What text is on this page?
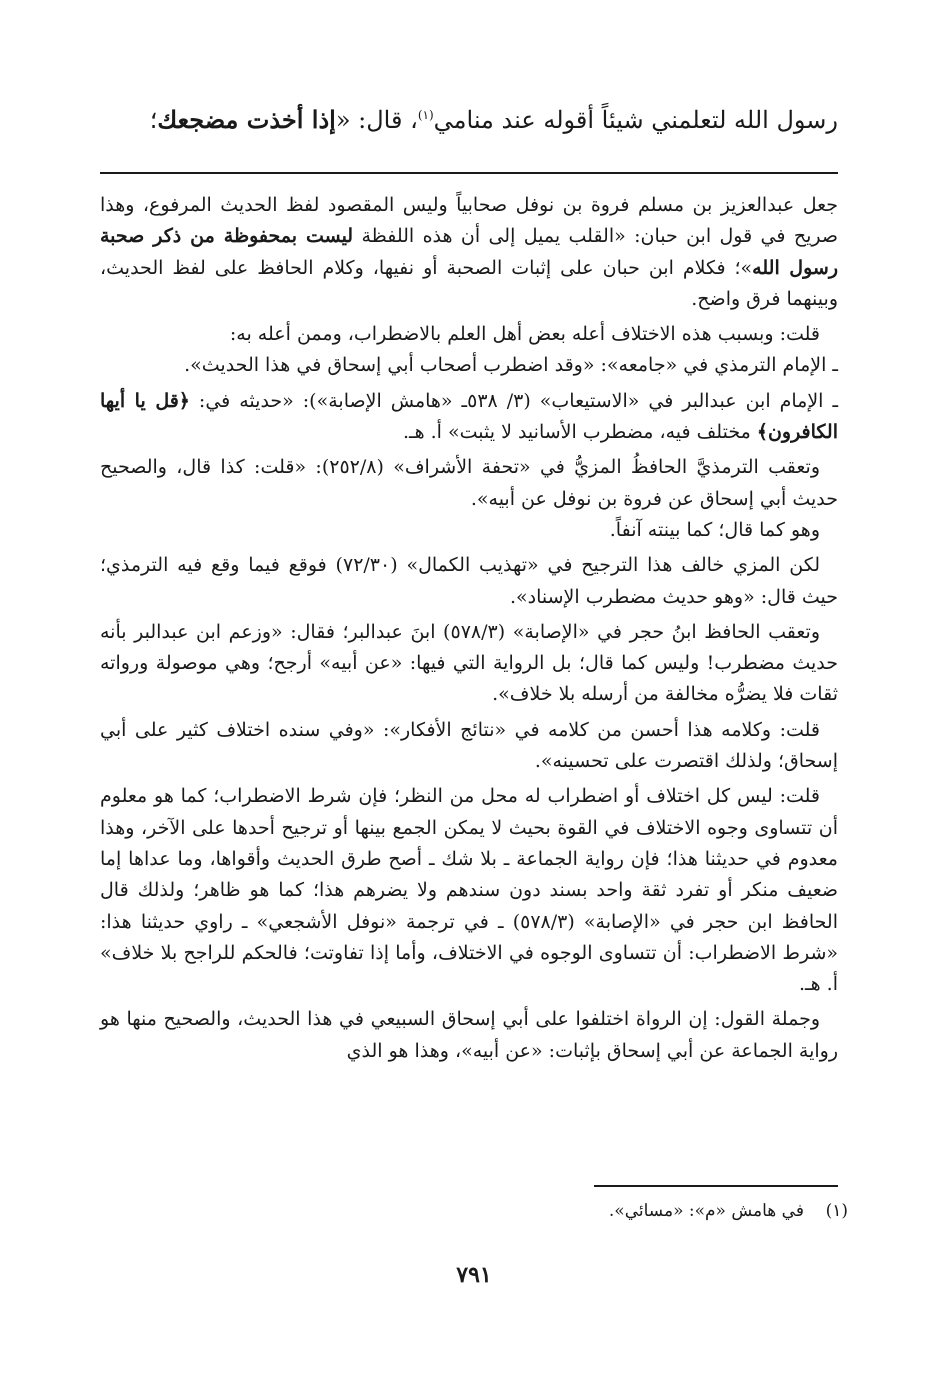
رسول الله لتعلمني شيئاً أقوله عند منامي$^{(١)}$، قال: «إذا أخذت مضجعك؛

جعل عبدالعزيز بن مسلم فروة بن نوفل صحابياً وليس المقصود لفظ الحديث المرفوع، وهذا صريح في قول ابن حبان: «القلب يميل إلى أن هذه اللفظة ليست بمحفوظة من ذكر صحبة رسول الله»؛ فكلام ابن حبان على إثبات الصحبة أو نفيها، وكلام الحافظ على لفظ الحديث، وبينهما فرق واضح.

قلت: وبسبب هذه الاختلاف أعله بعض أهل العلم بالاضطراب، وممن أعله به:

ـ الإمام الترمذي في «جامعه»: «وقد اضطرب أصحاب أبي إسحاق في هذا الحديث».

ـ الإمام ابن عبدالبر في «الاستيعاب» (٣/ ٥٣٨ـ «هامش الإصابة»): «حديثه في: ﴿قل يا أيها الكافرون﴾ مختلف فيه، مضطرب الأسانيد لا يثبت» أ. هـ.

وتعقب الترمذيَّ الحافظُ المزيُّ في «تحفة الأشراف» (٢٥٢/٨): «قلت: كذا قال، والصحيح حديث أبي إسحاق عن فروة بن نوفل عن أبيه».

وهو كما قال؛ كما بينته آنفاً.

لكن المزي خالف هذا الترجيح في «تهذيب الكمال» (٧٢/٣٠) فوقع فيما وقع فيه الترمذي؛ حيث قال: «وهو حديث مضطرب الإسناد».

وتعقب الحافظ ابنُ حجر في «الإصابة» (٥٧٨/٣) ابنَ عبدالبر؛ فقال: «وزعم ابن عبدالبر بأنه حديث مضطرب! وليس كما قال؛ بل الرواية التي فيها: «عن أبيه» أرجح؛ وهي موصولة ورواته ثقات فلا يضرُّه مخالفة من أرسله بلا خلاف».

قلت: وكلامه هذا أحسن من كلامه في «نتائج الأفكار»: «وفي سنده اختلاف كثير على أبي إسحاق؛ ولذلك اقتصرت على تحسينه».

قلت: ليس كل اختلاف أو اضطراب له محل من النظر؛ فإن شرط الاضطراب؛ كما هو معلوم أن تتساوى وجوه الاختلاف في القوة بحيث لا يمكن الجمع بينها أو ترجيح أحدها على الآخر، وهذا معدوم في حديثنا هذا؛ فإن رواية الجماعة ـ بلا شك ـ أصح طرق الحديث وأقواها، وما عداها إما ضعيف منكر أو تفرد ثقة واحد بسند دون سندهم ولا يضرهم هذا؛ كما هو ظاهر؛ ولذلك قال الحافظ ابن حجر في «الإصابة» (٥٧٨/٣) ـ في ترجمة «نوفل الأشجعي» ـ راوي حديثنا هذا: «شرط الاضطراب: أن تتساوى الوجوه في الاختلاف، وأما إذا تفاوتت؛ فالحكم للراجح بلا خلاف» أ. هـ.

وجملة القول: إن الرواة اختلفوا على أبي إسحاق السبيعي في هذا الحديث، والصحيح منها هو رواية الجماعة عن أبي إسحاق بإثبات: «عن أبيه»، وهذا هو الذي

(١)    في هامش «م»: «مسائي».
٧٩١
